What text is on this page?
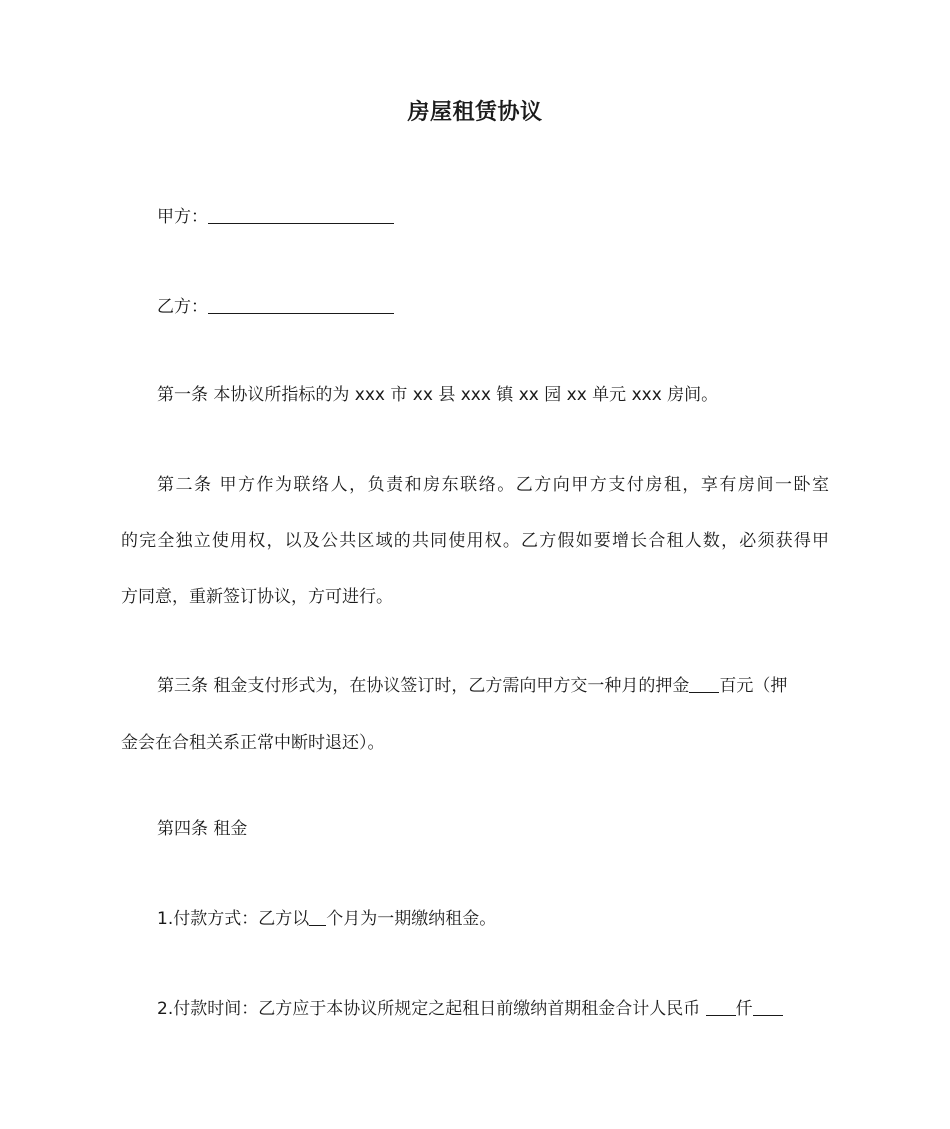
房屋租赁协议
甲方：
乙方：
第一条 本协议所指标的为 xxx 市 xx 县 xxx 镇 xx 园 xx 单元 xxx 房间。
第二条 甲方作为联络人，负责和房东联络。乙方向甲方支付房租，享有房间一卧室
的完全独立使用权，以及公共区域的共同使用权。乙方假如要增长合租人数，必须获得甲
方同意，重新签订协议，方可进行。
第三条 租金支付形式为，在协议签订时，乙方需向甲方交一种月的押金 百元（押
金会在合租关系正常中断时退还）。
第四条 租金
1.付款方式：乙方以 个月为一期缴纳租金。
2.付款时间：乙方应于本协议所规定之起租日前缴纳首期租金合计人民币 仟
